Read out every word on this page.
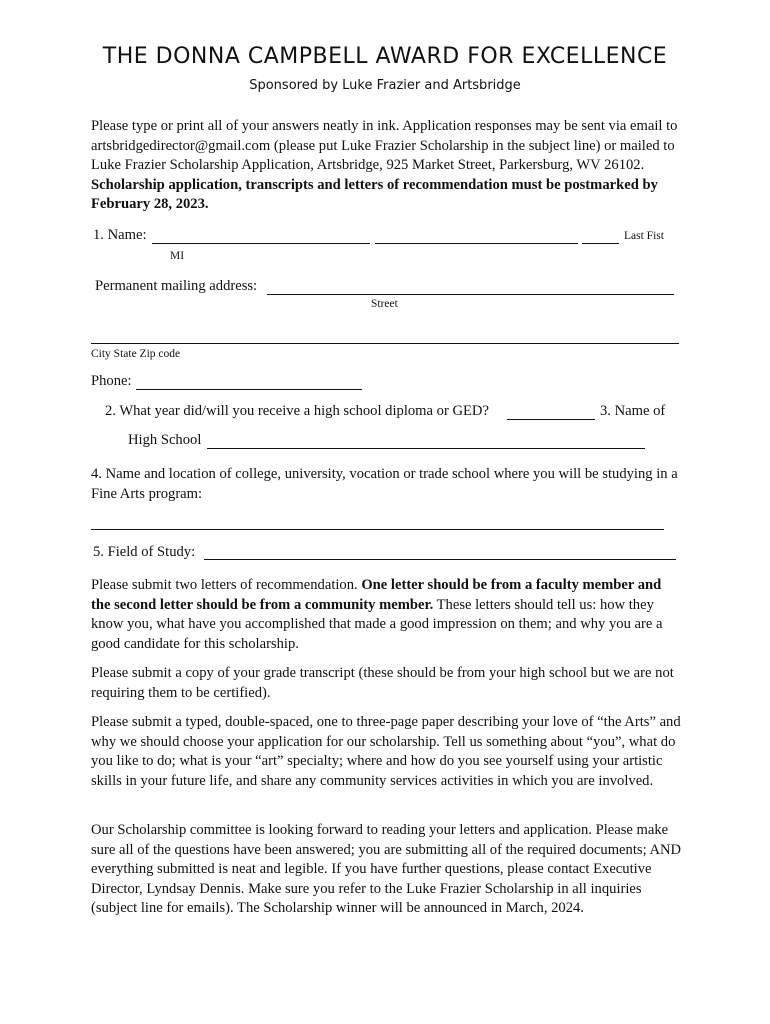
THE DONNA CAMPBELL AWARD FOR EXCELLENCE
Sponsored by Luke Frazier and Artsbridge
Please type or print all of your answers neatly in ink. Application responses may be sent via email to artsbridgedirector@gmail.com (please put Luke Frazier Scholarship in the subject line) or mailed to Luke Frazier Scholarship Application, Artsbridge, 925 Market Street, Parkersburg, WV 26102. Scholarship application, transcripts and letters of recommendation must be postmarked by February 28, 2023.
1. Name:	Last Fist
MI
Permanent mailing address:
Street
City State Zip code
Phone:
2. What year did/will you receive a high school diploma or GED?	3. Name of
High School
4. Name and location of college, university, vocation or trade school where you will be studying in a Fine Arts program:
5. Field of Study:
Please submit two letters of recommendation. One letter should be from a faculty member and the second letter should be from a community member. These letters should tell us: how they know you, what have you accomplished that made a good impression on them; and why you are a good candidate for this scholarship.
Please submit a copy of your grade transcript (these should be from your high school but we are not requiring them to be certified).
Please submit a typed, double-spaced, one to three-page paper describing your love of “the Arts” and why we should choose your application for our scholarship. Tell us something about “you”, what do you like to do; what is your “art” specialty; where and how do you see yourself using your artistic skills in your future life, and share any community services activities in which you are involved.
Our Scholarship committee is looking forward to reading your letters and application. Please make sure all of the questions have been answered; you are submitting all of the required documents; AND everything submitted is neat and legible. If you have further questions, please contact Executive Director, Lyndsay Dennis. Make sure you refer to the Luke Frazier Scholarship in all inquiries (subject line for emails). The Scholarship winner will be announced in March, 2024.
